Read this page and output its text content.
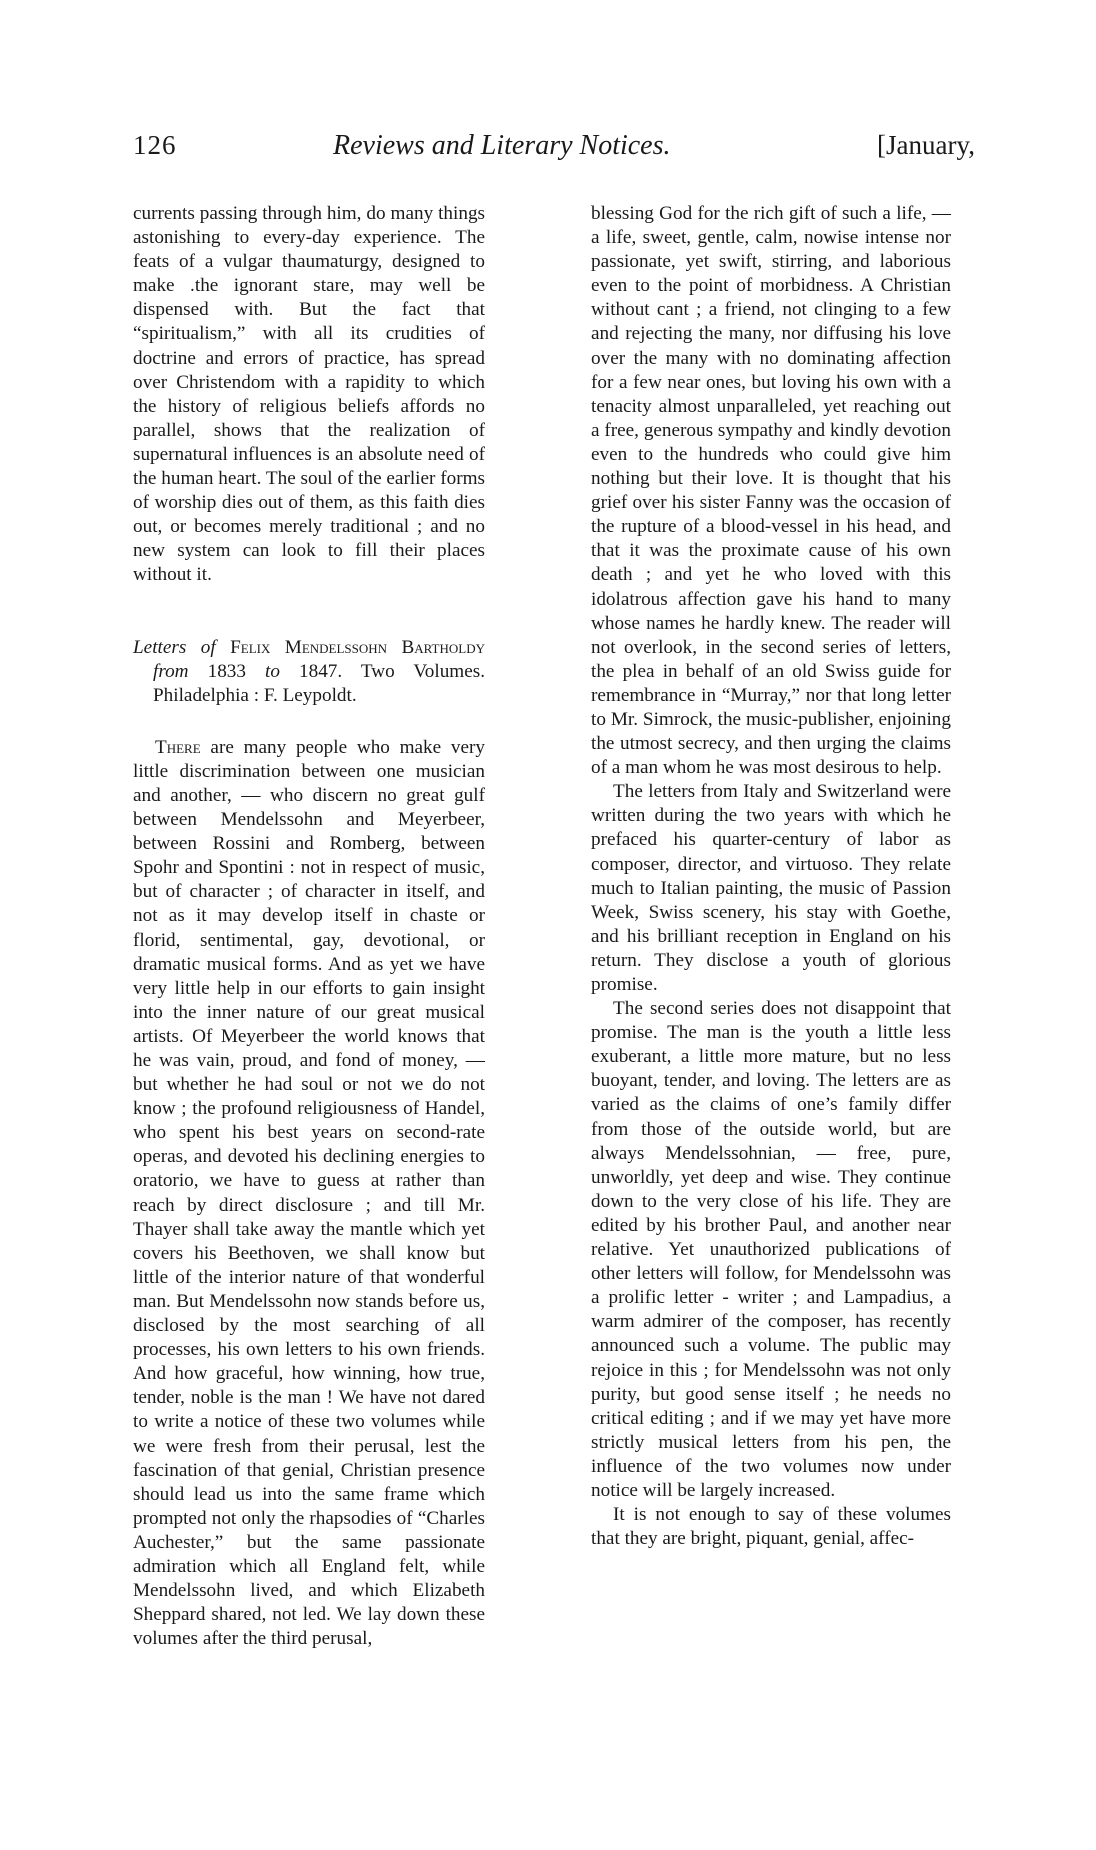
126	Reviews and Literary Notices.	[January,

currents passing through him, do many things astonishing to every-day experience. The feats of a vulgar thaumaturgy, designed to make .the ignorant stare, may well be dispensed with. But the fact that “spiritualism,” with all its crudities of doctrine and errors of practice, has spread over Christendom with a rapidity to which the history of religious beliefs affords no parallel, shows that the realization of supernatural influences is an absolute need of the human heart. The soul of the earlier forms of worship dies out of them, as this faith dies out, or becomes merely traditional ; and no new system can look to fill their places without it.

Letters of Felix Mendelssohn Bartholdy from 1833 to 1847. Two Volumes. Philadelphia : F. Leypoldt.

There are many people who make very little discrimination between one musician and another, — who discern no great gulf between Mendelssohn and Meyerbeer, between Rossini and Romberg, between Spohr and Spontini : not in respect of music, but of character ; of character in itself, and not as it may develop itself in chaste or florid, sentimental, gay, devotional, or dramatic musical forms. And as yet we have very little help in our efforts to gain insight into the inner nature of our great musical artists. Of Meyerbeer the world knows that he was vain, proud, and fond of money, — but whether he had soul or not we do not know ; the profound religiousness of Handel, who spent his best years on second-rate operas, and devoted his declining energies to oratorio, we have to guess at rather than reach by direct disclosure ; and till Mr. Thayer shall take away the mantle which yet covers his Beethoven, we shall know but little of the interior nature of that wonderful man. But Mendelssohn now stands before us, disclosed by the most searching of all processes, his own letters to his own friends. And how graceful, how winning, how true, tender, noble is the man ! We have not dared to write a notice of these two volumes while we were fresh from their perusal, lest the fascination of that genial, Christian presence should lead us into the same frame which prompted not only the rhapsodies of “Charles Auchester,” but the same passionate admiration which all England felt, while Mendelssohn lived, and which Elizabeth Sheppard shared, not led. We lay down these volumes after the third perusal,

blessing God for the rich gift of such a life, — a life, sweet, gentle, calm, nowise intense nor passionate, yet swift, stirring, and laborious even to the point of morbidness. A Christian without cant ; a friend, not clinging to a few and rejecting the many, nor diffusing his love over the many with no dominating affection for a few near ones, but loving his own with a tenacity almost unparalleled, yet reaching out a free, generous sympathy and kindly devotion even to the hundreds who could give him nothing but their love. It is thought that his grief over his sister Fanny was the occasion of the rupture of a blood-vessel in his head, and that it was the proximate cause of his own death ; and yet he who loved with this idolatrous affection gave his hand to many whose names he hardly knew. The reader will not overlook, in the second series of letters, the plea in behalf of an old Swiss guide for remembrance in “Murray,” nor that long letter to Mr. Simrock, the music-publisher, enjoining the utmost secrecy, and then urging the claims of a man whom he was most desirous to help.

The letters from Italy and Switzerland were written during the two years with which he prefaced his quarter-century of labor as composer, director, and virtuoso. They relate much to Italian painting, the music of Passion Week, Swiss scenery, his stay with Goethe, and his brilliant reception in England on his return. They disclose a youth of glorious promise.

The second series does not disappoint that promise. The man is the youth a little less exuberant, a little more mature, but no less buoyant, tender, and loving. The letters are as varied as the claims of one’s family differ from those of the outside world, but are always Mendelssohnian, — free, pure, unworldly, yet deep and wise. They continue down to the very close of his life. They are edited by his brother Paul, and another near relative. Yet unauthorized publications of other letters will follow, for Mendelssohn was a prolific letter - writer ; and Lampadius, a warm admirer of the composer, has recently announced such a volume. The public may rejoice in this ; for Mendelssohn was not only purity, but good sense itself ; he needs no critical editing ; and if we may yet have more strictly musical letters from his pen, the influence of the two volumes now under notice will be largely increased.

It is not enough to say of these volumes that they are bright, piquant, genial, affec-
